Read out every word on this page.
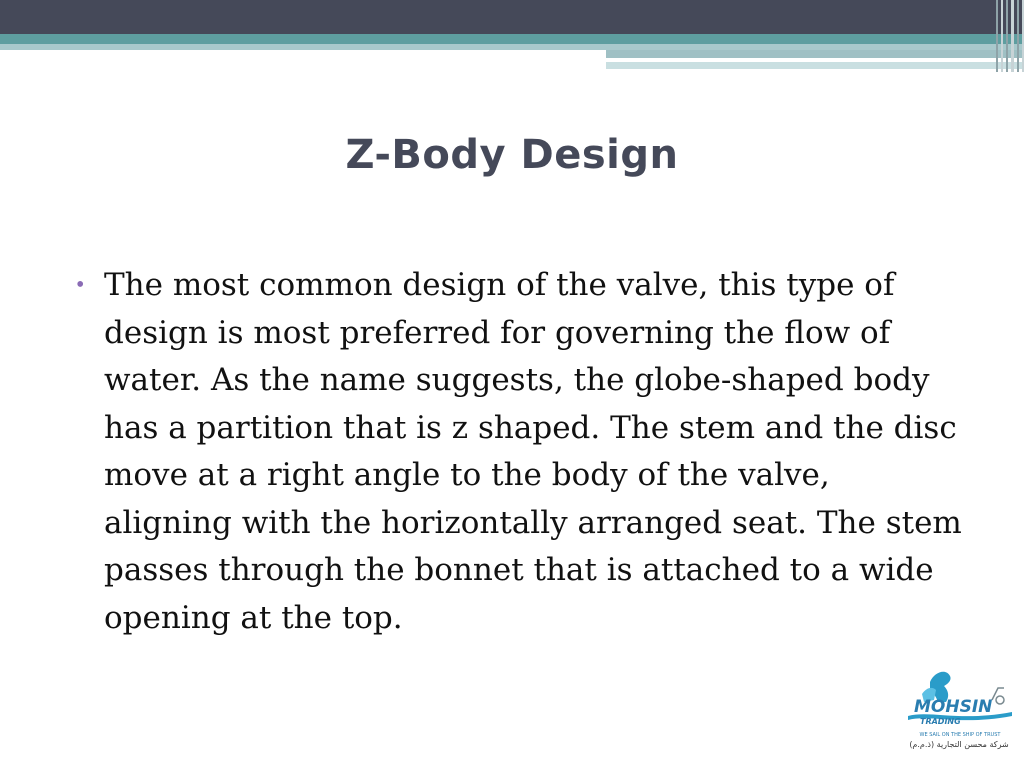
Z-Body Design
• The most common design of the valve, this type of design is most preferred for governing the flow of water. As the name suggests, the globe-shaped body has a partition that is z shaped. The stem and the disc move at a right angle to the body of the valve, aligning with the horizontally arranged seat. The stem passes through the bonnet that is attached to a wide opening at the top.
MOHSIN
TRADING
WE SAIL ON THE SHIP OF TRUST
شركة محسن التجارية (ذ.م.م)
